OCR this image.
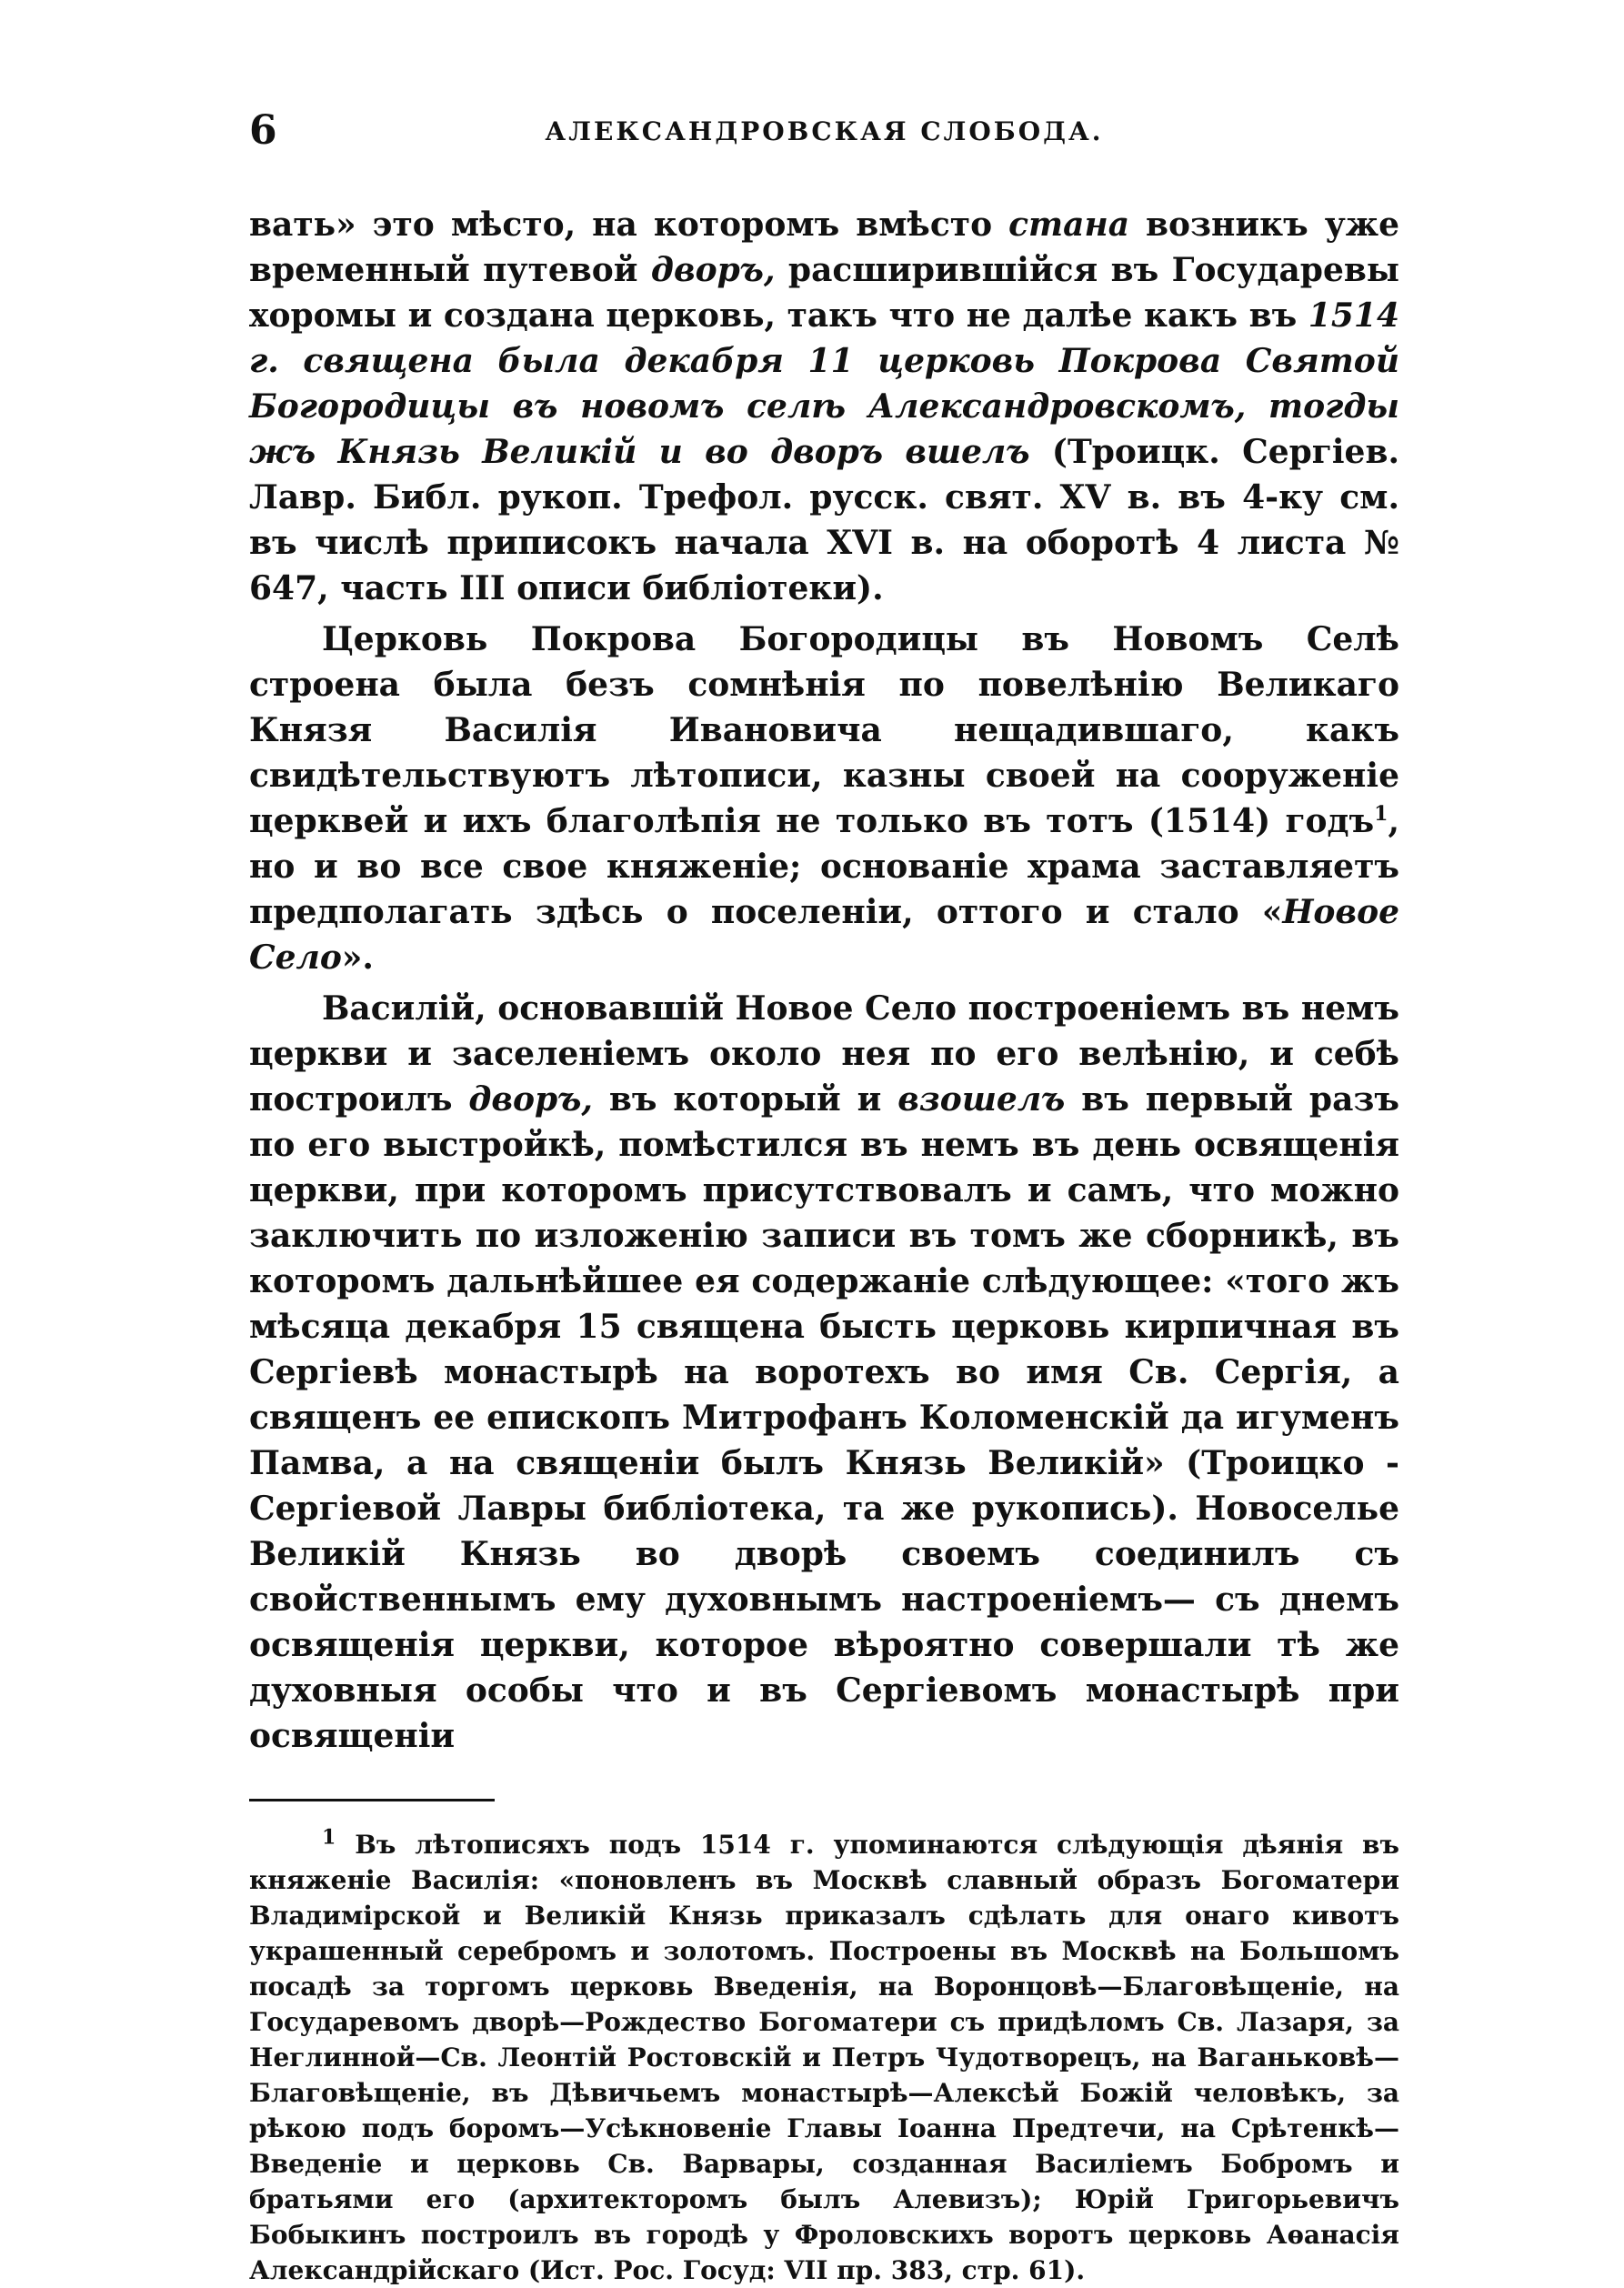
6	АЛЕКСАНДРОВСКАЯ СЛОБОДА.

вать» это мѣсто, на которомъ вмѣсто стана возникъ уже временный путевой дворъ, расширившійся въ Государевы хоромы и создана церковь, такъ что не далѣе какъ въ 1514 г. священа была декабря 11 церковь Покрова Святой Богородицы въ новомъ селѣ Александровскомъ, тогды жъ Князь Великій и во дворъ вшелъ (Троицк. Сергіев. Лавр. Библ. рукоп. Трефол. русск. свят. XV в. въ 4-ку см. въ числѣ приписокъ начала XVI в. на оборотѣ 4 листа № 647, часть III описи библіотеки).

Церковь Покрова Богородицы въ Новомъ Селѣ строена была безъ сомнѣнія по повелѣнію Великаго Князя Василія Ивановича нещадившаго, какъ свидѣтельствуютъ лѣтописи, казны своей на сооруженіе церквей и ихъ благолѣпія не только въ тотъ (1514) годъ$^1$, но и во все свое княженіе; основаніе храма заставляетъ предполагать здѣсь о поселеніи, оттого и стало «Новое Село».

Василій, основавшій Новое Село построеніемъ въ немъ церкви и заселеніемъ около нея по его велѣнію, и себѣ построилъ дворъ, въ который и взошелъ въ первый разъ по его выстройкѣ, помѣстился въ немъ въ день освященія церкви, при которомъ присутствовалъ и самъ, что можно заключить по изложенію записи въ томъ же сборникѣ, въ которомъ дальнѣйшее ея содержаніе слѣдующее: «того жъ мѣсяца декабря 15 священа бысть церковь кирпичная въ Сергіевѣ монастырѣ на воротехъ во имя Св. Сергія, а священъ ее епископъ Митрофанъ Коломенскій да игуменъ Памва, а на священіи былъ Князь Великій» (Троицко - Сергіевой Лавры библіотека, та же рукопись). Новоселье Великій Князь во дворѣ своемъ соединилъ съ свойственнымъ ему духовнымъ настроеніемъ— съ днемъ освященія церкви, которое вѣроятно совершали тѣ же духовныя особы что и въ Сергіевомъ монастырѣ при освященіи

$^1$ Въ лѣтописяхъ подъ 1514 г. упоминаются слѣдующія дѣянія въ княженіе Василія: «поновленъ въ Москвѣ славный образъ Богоматери Владимірской и Великій Князь приказалъ сдѣлать для онаго кивотъ украшенный серебромъ и золотомъ. Построены въ Москвѣ на Большомъ посадѣ за торгомъ церковь Введенія, на Воронцовѣ—Благовѣщеніе, на Государевомъ дворѣ—Рождество Богоматери съ придѣломъ Св. Лазаря, за Неглинной—Св. Леонтій Ростовскій и Петръ Чудотворецъ, на Ваганьковѣ—Благовѣщеніе, въ Дѣвичьемъ монастырѣ—Алексѣй Божій человѣкъ, за рѣкою подъ боромъ—Усѣкновеніе Главы Іоанна Предтечи, на Срѣтенкѣ—Введеніе и церковь Св. Варвары, созданная Василіемъ Бобромъ и братьями его (архитекторомъ былъ Алевизъ); Юрій Григорьевичъ Бобыкинъ построилъ въ городѣ у Фроловскихъ воротъ церковь Аѳанасія Александрійскаго (Ист. Рос. Госуд: VII пр. 383, стр. 61).
